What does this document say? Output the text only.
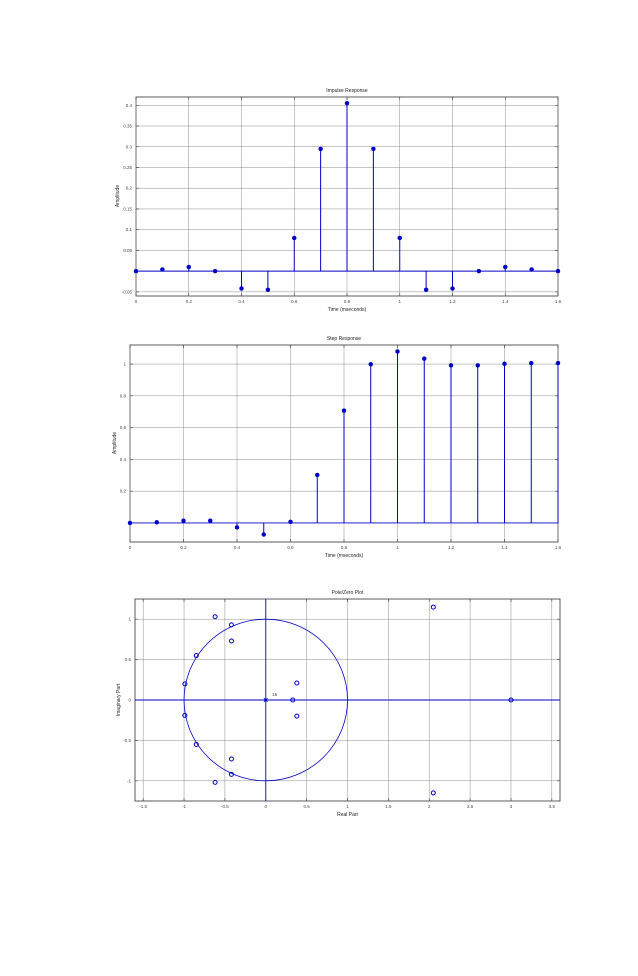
0	0.2	0.4	0.6	0.8	1	1.2	1.4	1.6
-0.05
0.05
0.1
0.15
0.2
0.25
0.3
0.35
0.4
Impulse Response
Time (mseconds)
Amplitude
0	0.2	0.4	0.6	0.8	1	1.2	1.4	1.6
0.2
0.4
0.6
0.8
1
Step Response
Time (mseconds)
Amplitude
-1.5	-1	-0.5	0	0.5	1	1.5	2	2.5	3	3.5
-1
-0.5
0
0.5
1
Pole/Zero Plot
Real Part
Imaginary Part	16
